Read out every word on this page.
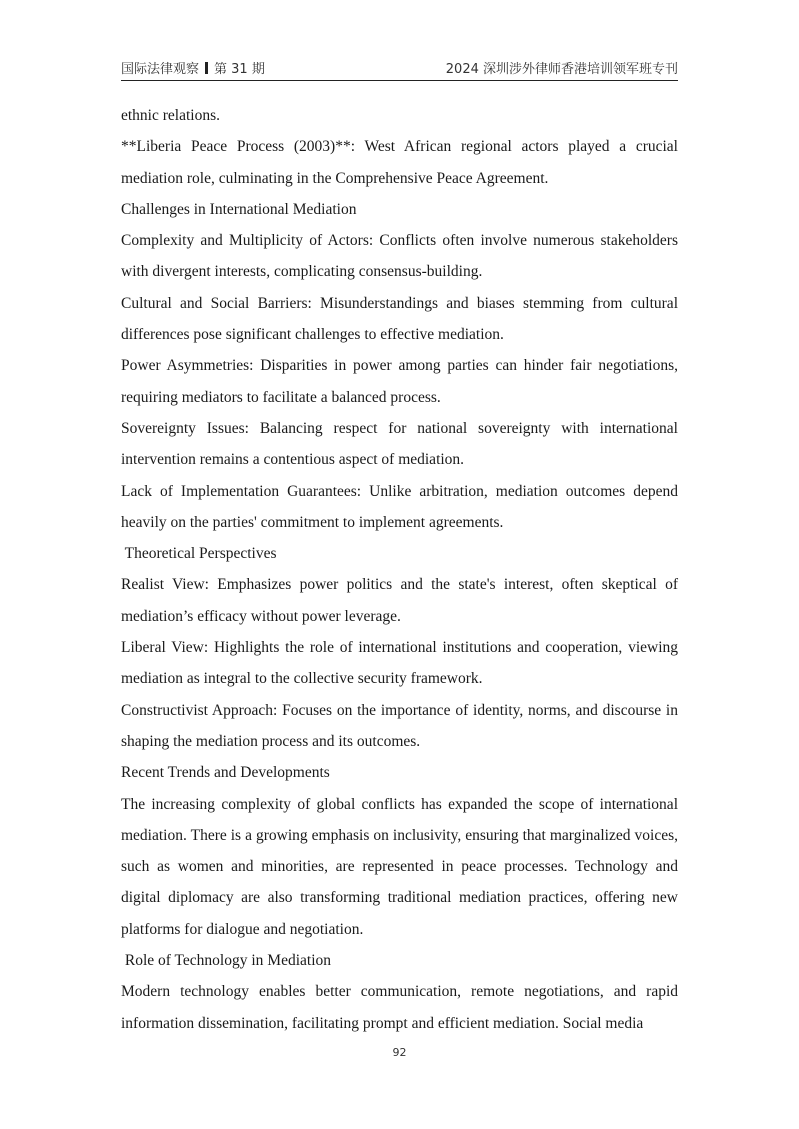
国际法律观察 第 31 期	2024 深圳涉外律师香港培训领军班专刊

ethnic relations.

**Liberia Peace Process (2003)**: West African regional actors played a crucial mediation role, culminating in the Comprehensive Peace Agreement.

Challenges in International Mediation

Complexity and Multiplicity of Actors: Conflicts often involve numerous stakeholders with divergent interests, complicating consensus-building.

Cultural and Social Barriers: Misunderstandings and biases stemming from cultural differences pose significant challenges to effective mediation.

Power Asymmetries: Disparities in power among parties can hinder fair negotiations, requiring mediators to facilitate a balanced process.

Sovereignty Issues: Balancing respect for national sovereignty with international intervention remains a contentious aspect of mediation.

Lack of Implementation Guarantees: Unlike arbitration, mediation outcomes depend heavily on the parties' commitment to implement agreements.

Theoretical Perspectives

Realist View: Emphasizes power politics and the state's interest, often skeptical of mediation’s efficacy without power leverage.

Liberal View: Highlights the role of international institutions and cooperation, viewing mediation as integral to the collective security framework.

Constructivist Approach: Focuses on the importance of identity, norms, and discourse in shaping the mediation process and its outcomes.

Recent Trends and Developments

The increasing complexity of global conflicts has expanded the scope of international mediation. There is a growing emphasis on inclusivity, ensuring that marginalized voices, such as women and minorities, are represented in peace processes. Technology and digital diplomacy are also transforming traditional mediation practices, offering new platforms for dialogue and negotiation.

Role of Technology in Mediation

Modern technology enables better communication, remote negotiations, and rapid information dissemination, facilitating prompt and efficient mediation. Social media

92
